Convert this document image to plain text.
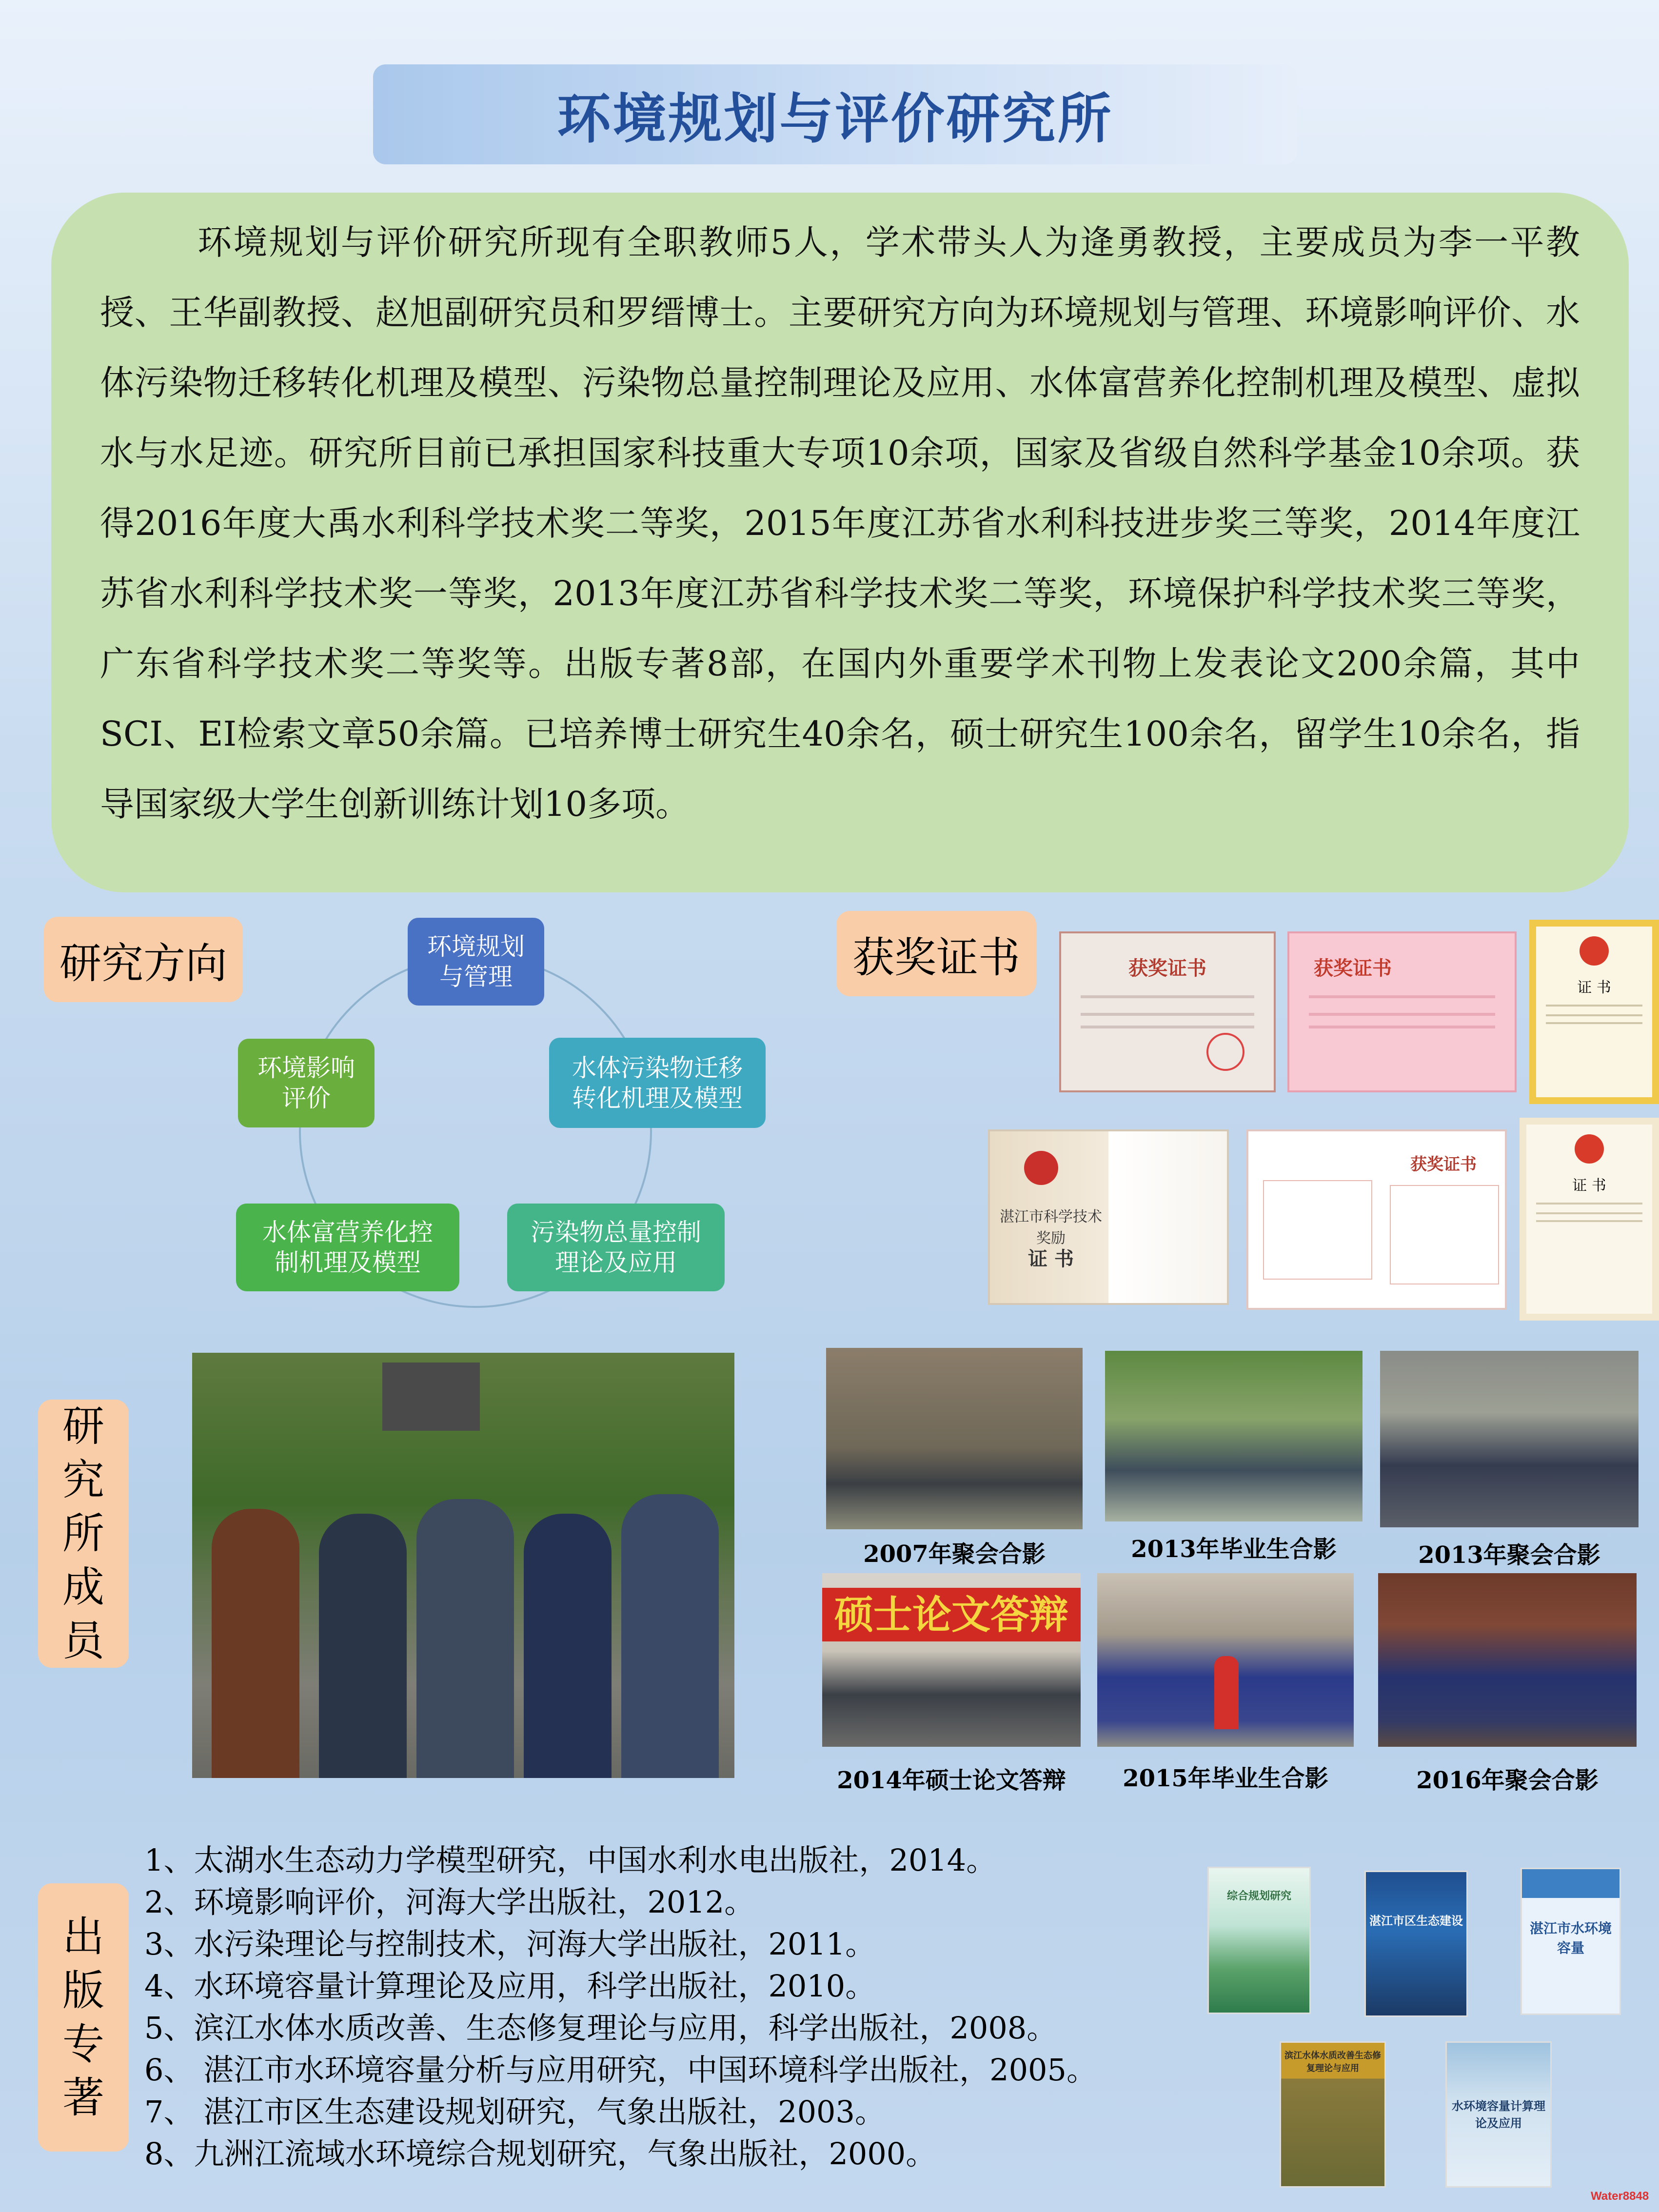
环境规划与评价研究所

环境规划与评价研究所现有全职教师5人，学术带头人为逄勇教授，主要成员为李一平教授、王华副教授、赵旭副研究员和罗缙博士。主要研究方向为环境规划与管理、环境影响评价、水体污染物迁移转化机理及模型、污染物总量控制理论及应用、水体富营养化控制机理及模型、虚拟水与水足迹。研究所目前已承担国家科技重大专项10余项，国家及省级自然科学基金10余项。获得2016年度大禹水利科学技术奖二等奖，2015年度江苏省水利科技进步奖三等奖，2014年度江苏省水利科学技术奖一等奖，2013年度江苏省科学技术奖二等奖，环境保护科学技术奖三等奖，广东省科学技术奖二等奖等。出版专著8部，在国内外重要学术刊物上发表论文200余篇，其中SCI、EI检索文章50余篇。已培养博士研究生40余名，硕士研究生100余名，留学生10余名，指导国家级大学生创新训练计划10多项。

研究方向	环境规划
与管理
水体污染物迁移
转化机理及模型
污染物总量控制
理论及应用
水体富营养化控
制机理及模型
环境影响
评价
获奖证书	获奖证书	获奖证书
证 书
湛江市科学技术奖励
证 书
获奖证书
证 书
研
究
所
成
员
2007年聚会合影	2013年毕业生合影	2013年聚会合影
硕士论文答辩
2014年硕士论文答辩	2015年毕业生合影	2016年聚会合影
出
版
专
著
1、太湖水生态动力学模型研究，中国水利水电出版社，2014。
2、环境影响评价，河海大学出版社，2012。
3、水污染理论与控制技术，河海大学出版社，2011。
4、水环境容量计算理论及应用，科学出版社，2010。
5、滨江水体水质改善、生态修复理论与应用，科学出版社，2008。
6、 湛江市水环境容量分析与应用研究，中国环境科学出版社，2005。
7、 湛江市区生态建设规划研究，气象出版社，2003。
8、九洲江流域水环境综合规划研究，气象出版社，2000。
综合规划研究
湛江市区生态建设	湛江市水环境容量
滨江水体水质改善生态修复理论与应用
水环境容量计算理论及应用
Water8848
